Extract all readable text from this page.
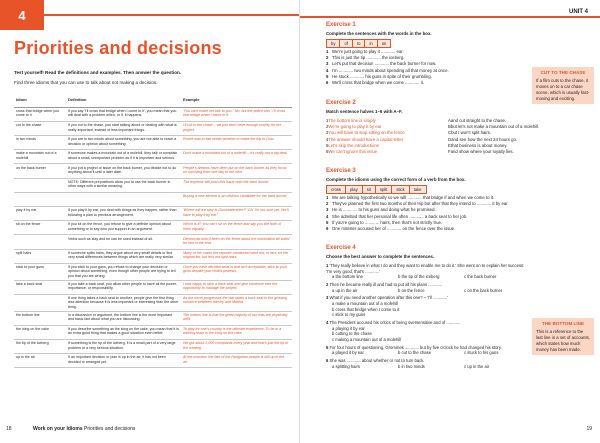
4
Priorities and decisions

Test yourself! Read the definitions and examples. Then answer the question.

Find three idioms that you can use to talk about not making a decision.

Idiom	Definition	Example
cross that bridge when you come to it	If you say 'I'll cross that bridge when I come to it', you mean that you will deal with a problem when, or if, it happens.	'You can't make me talk to you.' 'No, but the police can.' I'll cross that bridge when I come to it.
cut to the chase	If you cut to the chase, you start talking about or dealing with what is really important, instead of less important things.	I'll cut to the chase – we just don't have enough money for the project.
in two minds	If you are in two minds about something, you are not able to reach a decision or opinion about something.	Roche was in two minds whether to make the trip to Oslo.
make a mountain out of a molehill	If someone makes a mountain out of a molehill, they talk or complain about a small, unimportant problem as if it is important and serious.	Don't make a mountain out of a molehill – it's really not a big deal.
on the back burner	If you put a project or issue on the back burner, you decide not to do anything about it until a later date.	People's dreams have been put on the back burner as they focus on surviving from one day to the next.
	NOTE: Different prepositions allow you to use the back burner in other ways with a similar meaning.	The expense will push this issue onto the back burner.
		Buying a new kitchen is an obvious candidate for the back burner.
play it by ear	If you play it by ear, you deal with things as they happen, rather than following a plan to previous arrangement.	'Where will we stay in Gloucestershire?' 'Oh, I'm not sure yet. We'll have to play it by ear.'
sit on the fence	If you sit on the fence, you refuse to give a definite opinion about something or to say who you support in an argument.	Which is it? You can't sit on the fence and say you like both of them equally.
	Verbs such as stay and be can be used instead of sit.	Democrats who'd been on the fence about the nomination all voted for him in the end.
split hairs	If someone splits hairs, they argue about very small details or find very small differences between things which are really very similar.	Many of the cases the reporter mentioned were not, in fact, on the original list, but let's not split hairs.
stick to your guns	If you stick to your guns, you refuse to change your decision or opinion about something, even though other people are trying to tell you that you are wrong.	Once you have decided what is and isn't acceptable, stick to your guns despite your child's protests.
take a back seat	If you take a back seat, you allow other people to have all the power, importance, or responsibility.	I was happy to take a back seat and give someone else the opportunity to manage the project.
	If one thing takes a back seat to another, people give the first thing less attention because it is less important or interesting than the other thing.	As the novel progresses the war takes a back seat to the growing romance between Harvey and Martha.
the bottom line	In a discussion or argument, the bottom line is the most important and basic fact about what you are discussing.	The bottom line is that the great majority of our kids are physically unfit.
the icing on the cake	If you describe something as the icing on the cake, you mean that it is an extra good thing that makes a good situation even better.	To play for one's country is the ultimate experience. To be in a winning team is the icing on the cake.
the tip of the iceberg	If something is the tip of the iceberg, it is a small part of a very large problem or a very serious situation.	We got about 2,000 complaints every year and that's just the tip of the iceberg.
up in the air	If an important decision or plan is up in the air, it has not been decided or arranged yet.	At the moment, the fate of the Hungarian people is still up in the air.
18	Work on your Idioms Priorities and decisions
UNIT 4
Exercise 1
Complete the sentences with the words in the box.
by	of	to	in	on
1 We're just going to play it ............ ear.
2 This is just the tip ............ the iceberg.
3 Let's put that decision ............ the back burner for now.
4 I'm ............ two minds about spending all that money at once.
5 He stuck ............ his guns in spite of their grumbling.
6 We'll cross that bridge when we come ............ it.
CUT TO THE CHASE
If a film cuts to the chase, it moves on to a car chase scene, which is usually fast-moving and exciting.
Exercise 2
Match sentence halves 1–6 with A–F.
1The bottom line is simply
2We're going to play it by ear
3You will have to stop sitting on the fence
4The answer should have a capital letter
5Let's skip the introductions
6We can't ignore this issue
Aand cut straight to the chase.
Bbut let's not make a mountain out of a molehill.
Cbut I won't split hairs.
Dand see how the next 24 hours go.
Ethat business is about money.
Fand show where your loyalty lies.
Exercise 3
Complete the idioms using the correct form of a verb from the box.
cross	play	sit	split	stick	take
1 We are talking hypothetically so we will ............ that bridge if and when we come to it.
2 They've planned the first two months of their trip but after that they intend to ............ it by ear.
3 He is ............ to his guns and doing what he promised.
4 She admitted that her personal life often ............ a back seat to her job.
5 If you're going to ............ hairs, then that's not strictly true.
6 One minister accused her of ............ on the fence over the issue.
Exercise 4
Choose the best answer to complete the sentences.
1 'They really believe in what I do and they want to enable me to do it.' She went on to explain her success: 'I'm very good, that's ............'
a the bottom line	b the tip of the iceberg	c the back burner
2 Then he became really ill and had to put all his plans ............
a up in the air	b on the fence	c on the back burner
3 What if you need another operation after this one? – 'I'll ............'
a make a mountain out of a molehill
b cross that bridge when I come to it
c stick to my guns
4 The President accused his critics of being oversensitive and of ............
a playing it by ear
b cutting to the chase
c making a mountain out of a molehill
5 For four hours of questioning, Grommek ............ but by five o'clock he had changed his story.
a played it by ear	b cut to the chase	c stuck to his guns
6 She was ............ about whether or not to turn back.
a splitting hairs	b in two minds	c up in the air
THE BOTTOM LINE
This is a reference to the last line in a set of accounts, which states how much money has been made.
19
